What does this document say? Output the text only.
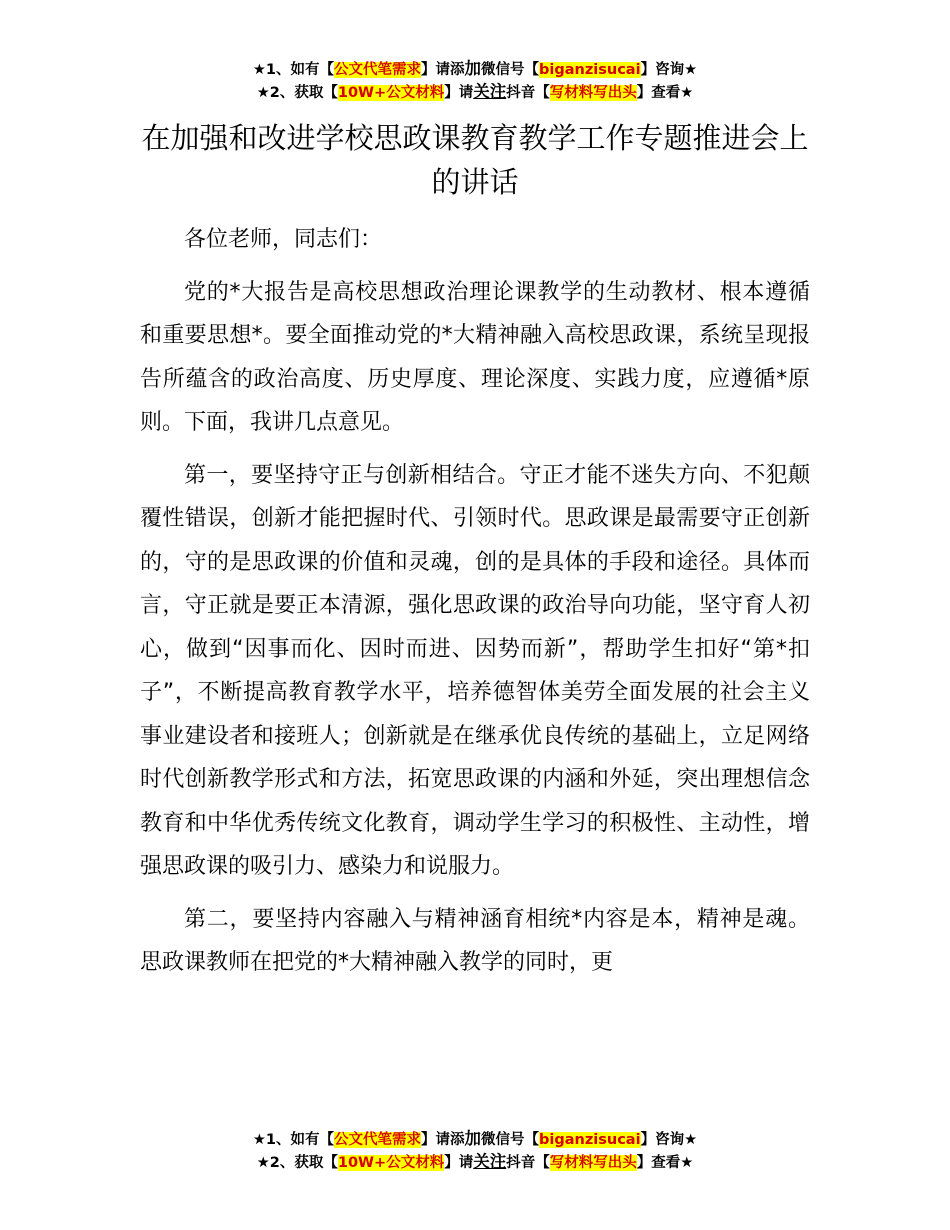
★1、如有【公文代笔需求】请添加微信号【biganzisucai】咨询★
★2、获取【10W+公文材料】请关注抖音【写材料写出头】查看★
在加强和改进学校思政课教育教学工作专题推进会上的讲话

各位老师，同志们：

党的*大报告是高校思想政治理论课教学的生动教材、根本遵循和重要思想*。要全面推动党的*大精神融入高校思政课，系统呈现报告所蕴含的政治高度、历史厚度、理论深度、实践力度，应遵循*原则。下面，我讲几点意见。

第一，要坚持守正与创新相结合。守正才能不迷失方向、不犯颠覆性错误，创新才能把握时代、引领时代。思政课是最需要守正创新的，守的是思政课的价值和灵魂，创的是具体的手段和途径。具体而言，守正就是要正本清源，强化思政课的政治导向功能，坚守育人初心，做到“因事而化、因时而进、因势而新”，帮助学生扣好“第*扣子”，不断提高教育教学水平，培养德智体美劳全面发展的社会主义事业建设者和接班人；创新就是在继承优良传统的基础上，立足网络时代创新教学形式和方法，拓宽思政课的内涵和外延，突出理想信念教育和中华优秀传统文化教育，调动学生学习的积极性、主动性，增强思政课的吸引力、感染力和说服力。

第二，要坚持内容融入与精神涵育相统*内容是本，精神是魂。思政课教师在把党的*大精神融入教学的同时，更

★1、如有【公文代笔需求】请添加微信号【biganzisucai】咨询★
★2、获取【10W+公文材料】请关注抖音【写材料写出头】查看★
